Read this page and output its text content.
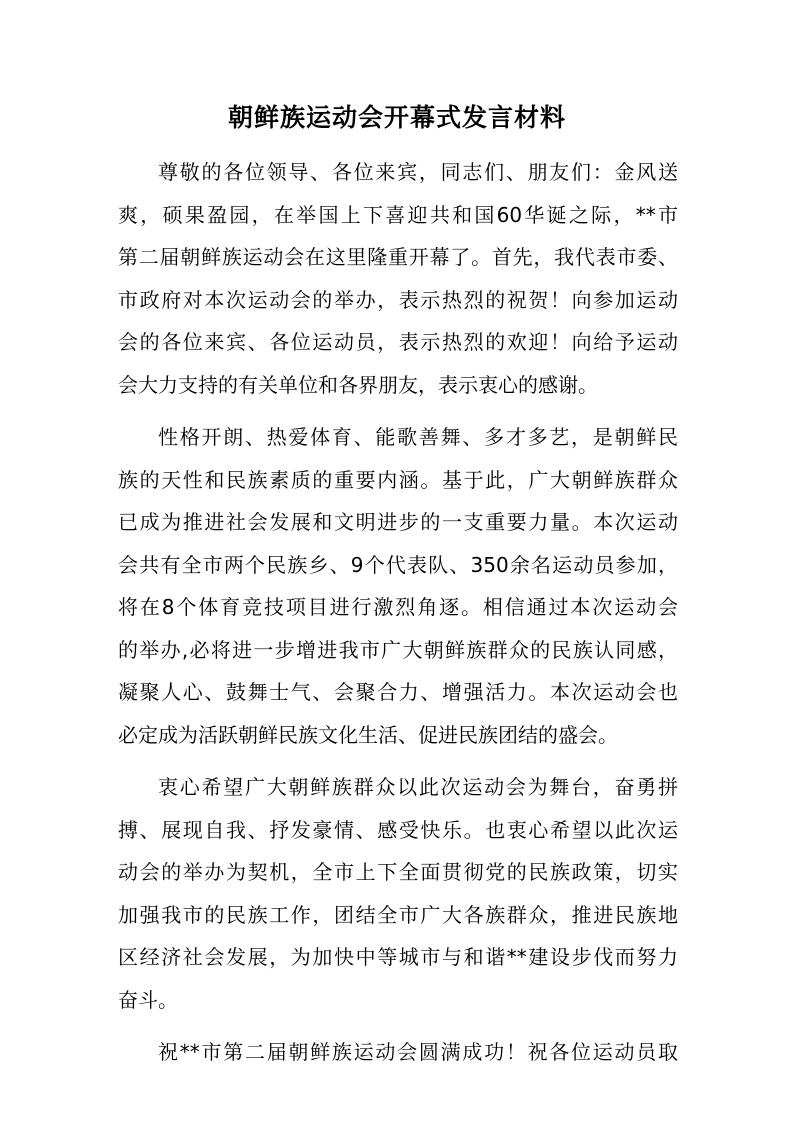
朝鲜族运动会开幕式发言材料
尊敬的各位领导、各位来宾，同志们、朋友们：金风送
爽，硕果盈园，在举国上下喜迎共和国60华诞之际，**市
第二届朝鲜族运动会在这里隆重开幕了。首先，我代表市委、
市政府对本次运动会的举办，表示热烈的祝贺！向参加运动
会的各位来宾、各位运动员，表示热烈的欢迎！向给予运动
会大力支持的有关单位和各界朋友，表示衷心的感谢。
性格开朗、热爱体育、能歌善舞、多才多艺，是朝鲜民
族的天性和民族素质的重要内涵。基于此，广大朝鲜族群众
已成为推进社会发展和文明进步的一支重要力量。本次运动
会共有全市两个民族乡、9个代表队、350余名运动员参加，
将在8个体育竞技项目进行激烈角逐。相信通过本次运动会
的举办,必将进一步增进我市广大朝鲜族群众的民族认同感，
凝聚人心、鼓舞士气、会聚合力、增强活力。本次运动会也
必定成为活跃朝鲜民族文化生活、促进民族团结的盛会。
衷心希望广大朝鲜族群众以此次运动会为舞台，奋勇拼
搏、展现自我、抒发豪情、感受快乐。也衷心希望以此次运
动会的举办为契机，全市上下全面贯彻党的民族政策，切实
加强我市的民族工作，团结全市广大各族群众，推进民族地
区经济社会发展，为加快中等城市与和谐**建设步伐而努力
奋斗。
祝**市第二届朝鲜族运动会圆满成功！祝各位运动员取
